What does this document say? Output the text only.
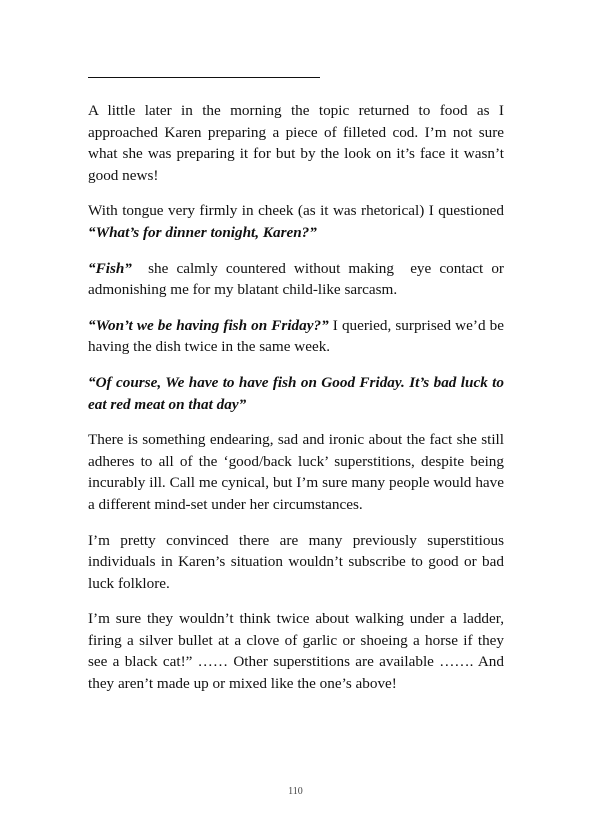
A little later in the morning the topic returned to food as I approached Karen preparing a piece of filleted cod. I’m not sure what she was preparing it for but by the look on it’s face it wasn’t good news!

With tongue very firmly in cheek (as it was rhetorical) I questioned “What’s for dinner tonight, Karen?”

“Fish”  she calmly countered without making  eye contact or admonishing me for my blatant child-like sarcasm.

“Won’t we be having fish on Friday?” I queried, surprised we’d be having the dish twice in the same week.

“Of course, We have to have fish on Good Friday. It’s bad luck to eat red meat on that day”

There is something endearing, sad and ironic about the fact she still adheres to all of the ‘good/back luck’ superstitions, despite being incurably ill. Call me cynical, but I’m sure many people would have a different mind-set under her circumstances.

I’m pretty convinced there are many previously superstitious individuals in Karen’s situation wouldn’t subscribe to good or bad luck folklore.

I’m sure they wouldn’t think twice about walking under a ladder, firing a silver bullet at a clove of garlic or shoeing a horse if they see a black cat!” …… Other superstitions are available ……. And they aren’t made up or mixed like the one’s above!

110
